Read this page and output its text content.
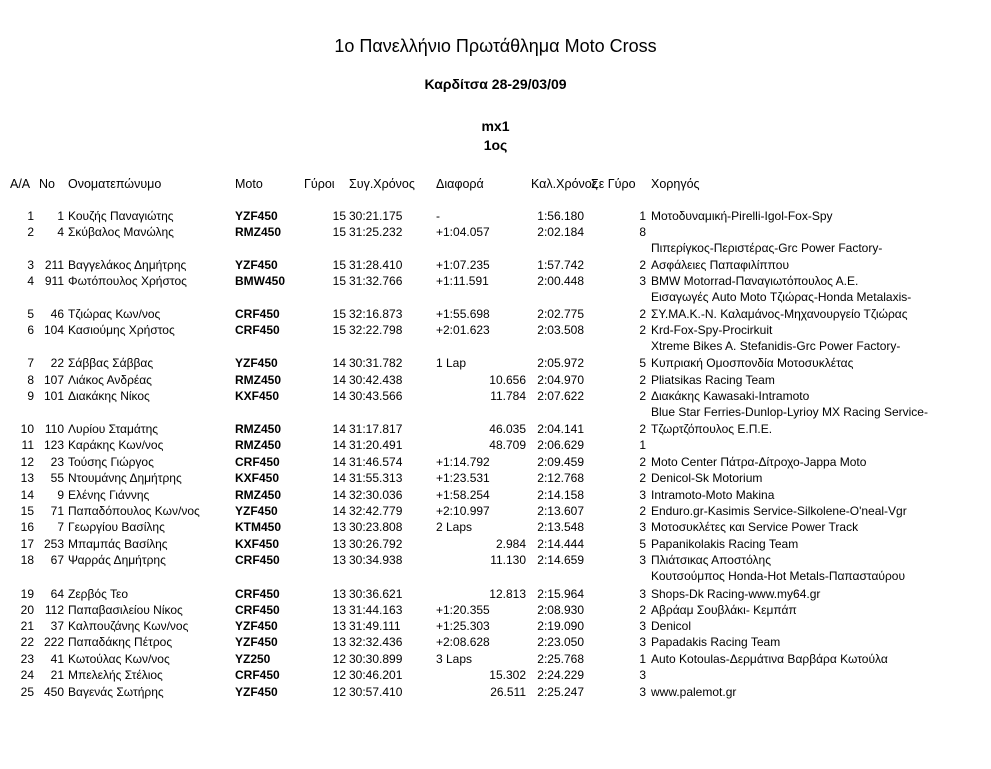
1ο Πανελλήνιο Πρωτάθλημα Moto Cross
Καρδίτσα 28-29/03/09
mx1
1ος
Α/Α Νο Ονοματεπώνυμο	Moto	Γύροι Συγ.Χρόνος Διαφορά	Καλ.Χρόνος
Σε Γύρο Χορηγός
1	1 Κουζής Παναγιώτης	YZF450	15 30:21.175	-	1:56.180	1 Μοτοδυναμική-Pirelli-Igol-Fox-Spy
2	4 Σκύβαλος Μανώλης	RMZ450	15 31:25.232	+1:04.057	2:02.184	8
Πιπερίγκος-Περιστέρας-Grc Power Factory-
3 211 Βαγγελάκος Δημήτρης	YZF450	15 31:28.410	+1:07.235	1:57.742	2 Ασφάλειες Παπαφιλίππου
4 911 Φωτόπουλος Χρήστος	BMW450	15 31:32.766	+1:11.591	2:00.448	3 BMW Motorrad-Παναγιωτόπουλος Α.Ε.
Εισαγωγές Auto Moto Τζιώρας-Honda Metalaxis-
5	46 Τζιώρας Κων/νος	CRF450	15 32:16.873	+1:55.698	2:02.775	2 ΣΥ.ΜΑ.Κ.-Ν. Καλαμάνος-Μηχανουργείο Τζιώρας
6 104 Κασιούμης Χρήστος	CRF450	15 32:22.798	+2:01.623	2:03.508	2 Krd-Fox-Spy-Procirkuit
Xtreme Bikes A. Stefanidis-Grc Power Factory-
7	22 Σάββας Σάββας	YZF450	14 30:31.782	1 Lap	2:05.972	5 Κυπριακή Ομοσπονδία Μοτοσυκλέτας
8 107 Λιάκος Ανδρέας	RMZ450	14 30:42.438	10.656 2:04.970	2 Pliatsikas Racing Team
9 101 Διακάκης Νίκος	KXF450	14 30:43.566	11.784 2:07.622	2 Διακάκης Kawasaki-Intramoto
Blue Star Ferries-Dunlop-Lyrioy MX Racing Service-
10 110 Λυρίου Σταμάτης	RMZ450	14 31:17.817	46.035 2:04.141	2 Τζωρτζόπουλος Ε.Π.Ε.
11 123 Καράκης Κων/νος	RMZ450	14 31:20.491	48.709 2:06.629	1
12	23 Τούσης Γιώργος	CRF450	14 31:46.574	+1:14.792	2:09.459	2 Moto Center Πάτρα-Δίτροχο-Jappa Moto
13	55 Ντουμάνης Δημήτρης	KXF450	14 31:55.313	+1:23.531	2:12.768	2 Denicol-Sk Motorium
14	9 Ελένης Γιάννης	RMZ450	14 32:30.036	+1:58.254	2:14.158	3 Intramoto-Moto Makina
15	71 Παπαδόπουλος Κων/νος	YZF450	14 32:42.779	+2:10.997	2:13.607	2 Enduro.gr-Kasimis Service-Silkolene-O'neal-Vgr
16	7 Γεωργίου Βασίλης	KTM450	13 30:23.808	2 Laps	2:13.548	3 Μοτοσυκλέτες και Service Power Track
17 253 Μπαμπάς Βασίλης	KXF450	13 30:26.792	2.984 2:14.444	5 Papanikolakis Racing Team
18	67 Ψαρράς Δημήτρης	CRF450	13 30:34.938	11.130 2:14.659	3 Πλιάτσικας Αποστόλης
Κουτσούμπος Honda-Hot Metals-Παπασταύρου
19	64 Ζερβός Τεο	CRF450	13 30:36.621	12.813 2:15.964	3 Shops-Dk Racing-www.my64.gr
20 112 Παπαβασιλείου Νίκος	CRF450	13 31:44.163	+1:20.355	2:08.930	2 Αβράαμ Σουβλάκι- Κεμπάπ
21	37 Καλπουζάνης Κων/νος	YZF450	13 31:49.111	+1:25.303	2:19.090	3 Denicol
22 222 Παπαδάκης Πέτρος	YZF450	13 32:32.436	+2:08.628	2:23.050	3 Papadakis Racing Team
23	41 Κωτούλας Κων/νος	YZ250	12 30:30.899	3 Laps	2:25.768	1 Auto Kotoulas-Δερμάτινα Βαρβάρα Κωτούλα
24	21 Μπελελής Στέλιος	CRF450	12 30:46.201	15.302 2:24.229	3
25 450 Βαγενάς Σωτήρης	YZF450	12 30:57.410	26.511 2:25.247	3 www.palemot.gr
